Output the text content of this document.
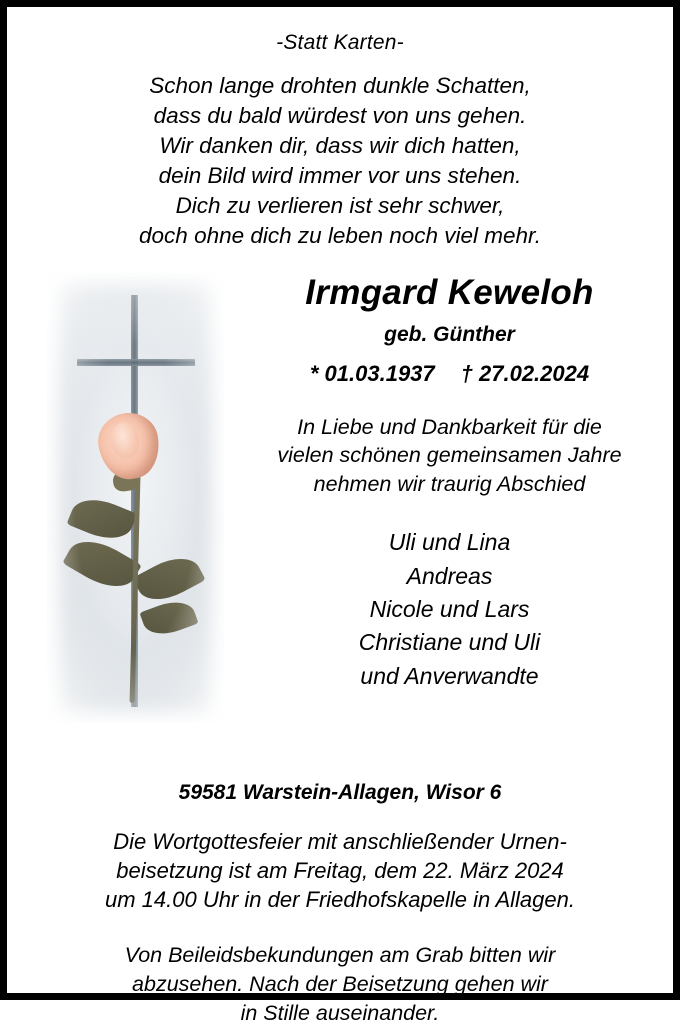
-Statt Karten-
Schon lange drohten dunkle Schatten,
dass du bald würdest von uns gehen.
Wir danken dir, dass wir dich hatten,
dein Bild wird immer vor uns stehen.
Dich zu verlieren ist sehr schwer,
doch ohne dich zu leben noch viel mehr.
Irmgard Keweloh
geb. Günther
* 01.03.1937 † 27.02.2024
In Liebe und Dankbarkeit für die
vielen schönen gemeinsamen Jahre
nehmen wir traurig Abschied
Uli und Lina
Andreas
Nicole und Lars
Christiane und Uli
und Anverwandte
59581 Warstein-Allagen, Wisor 6
Die Wortgottesfeier mit anschließender Urnen-
beisetzung ist am Freitag, dem 22. März 2024
um 14.00 Uhr in der Friedhofskapelle in Allagen.
Von Beileidsbekundungen am Grab bitten wir
abzusehen. Nach der Beisetzung gehen wir
in Stille auseinander.
